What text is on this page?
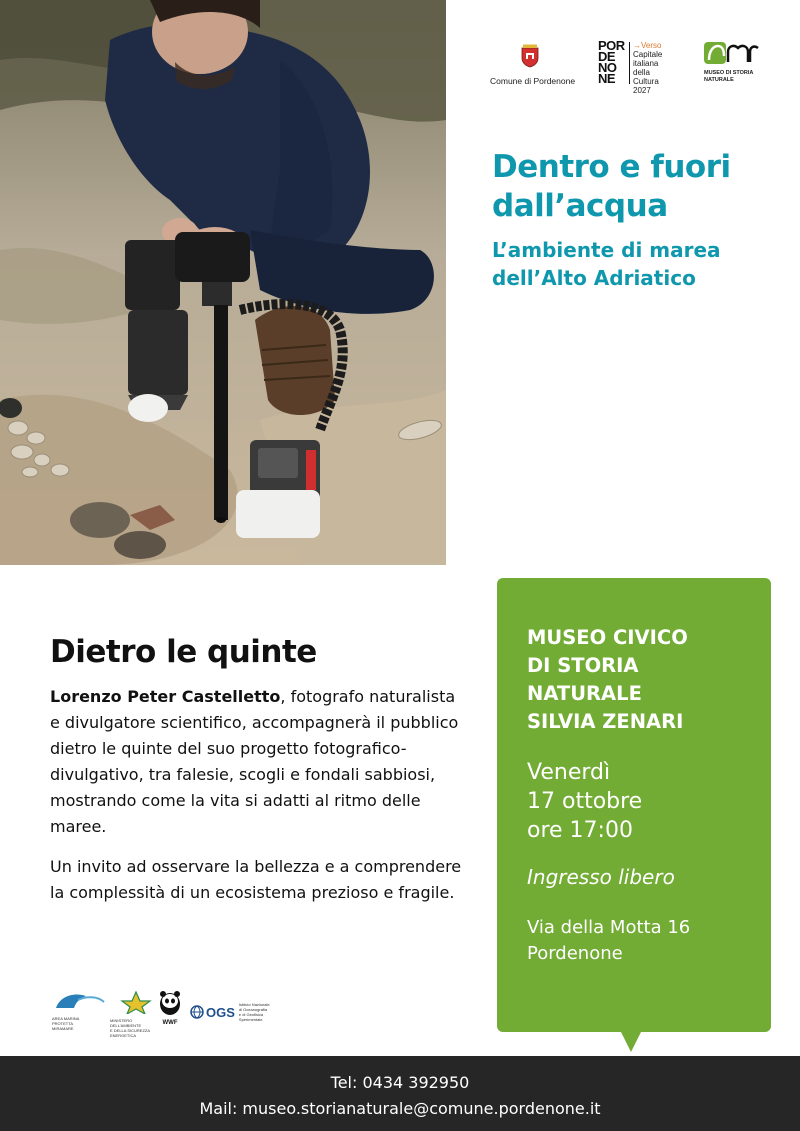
Comune di Pordenone
POR
DE
NO
NE
→Verso
Capitale
italiana
della
Cultura
2027
MUSEO DI STORIA
NATURALE
Dentro e fuori
dall’acqua
L’ambiente di marea
dell’Alto Adriatico
Dietro le quinte

Lorenzo Peter Castelletto, fotografo naturalista e divulgatore scientifico, accompagnerà il pubblico dietro le quinte del suo progetto fotografico-divulgativo, tra falesie, scogli e fondali sabbiosi, mostrando come la vita si adatti al ritmo delle maree.

Un invito ad osservare la bellezza e a comprendere la complessità di un ecosistema prezioso e fragile.

AREA MARINA
PROTETTA
MIRAMARE
MINISTERO DELL’AMBIENTE
E DELLA SICUREZZA ENERGETICA
WWF
OGS Istituto Nazionale
di Oceanografia
e di Geofisica
Sperimentale
MUSEO CIVICO
DI STORIA
NATURALE
SILVIA ZENARI
Venerdì
17 ottobre
ore 17:00
Ingresso libero
Via della Motta 16
Pordenone
Tel: 0434 392950
Mail: museo.storianaturale@comune.pordenone.it
